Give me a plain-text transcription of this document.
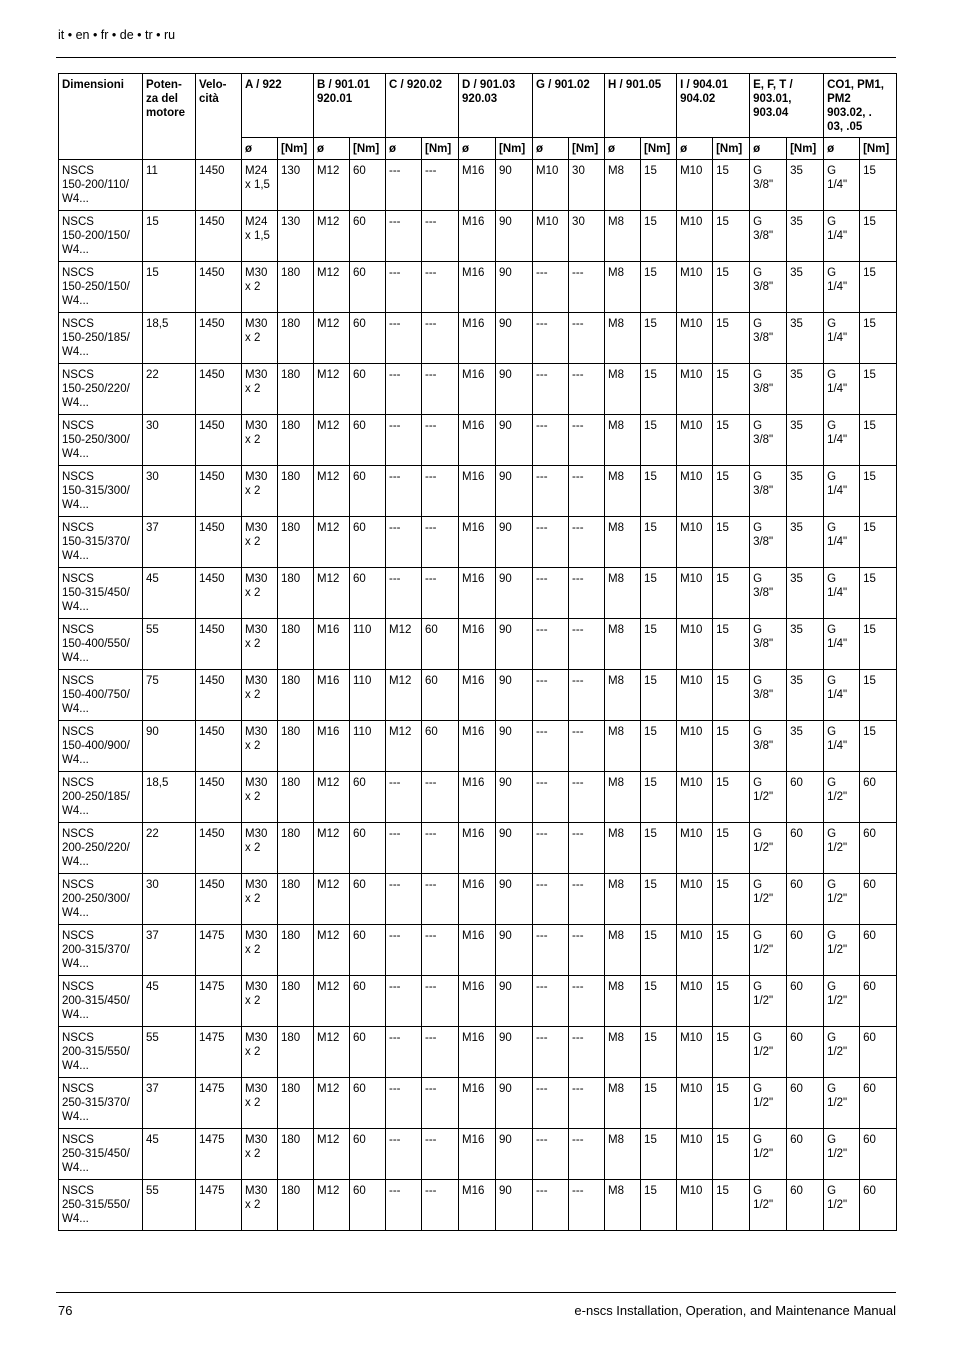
it • en • fr • de • tr • ru
Dimensioni	Poten-
za del
motore	Velo-
cità	A / 922		B / 901.01
920.01		C / 920.02		D / 901.03
920.03		G / 901.02		H / 901.05		I / 904.01
904.02		E, F, T /
903.01,
903.04		CO1, PM1,
PM2
903.02, .
03, .05	

			ø	[Nm]	ø	[Nm]	ø	[Nm]	ø	[Nm]	ø	[Nm]	ø	[Nm]	ø	[Nm]	ø	[Nm]	ø	[Nm]

NSCS
150-200/110/
W4...	11	1450	M24
x 1,5	130	M12	60	---	---	M16	90	M10	30	M8	15	M10	15	G
3/8"	35	G
1/4"	15

NSCS
150-200/150/
W4...	15	1450	M24
x 1,5	130	M12	60	---	---	M16	90	M10	30	M8	15	M10	15	G
3/8"	35	G
1/4"	15

NSCS
150-250/150/
W4...	15	1450	M30
x 2	180	M12	60	---	---	M16	90	---	---	M8	15	M10	15	G
3/8"	35	G
1/4"	15

NSCS
150-250/185/
W4...	18,5	1450	M30
x 2	180	M12	60	---	---	M16	90	---	---	M8	15	M10	15	G
3/8"	35	G
1/4"	15

NSCS
150-250/220/
W4...	22	1450	M30
x 2	180	M12	60	---	---	M16	90	---	---	M8	15	M10	15	G
3/8"	35	G
1/4"	15

NSCS
150-250/300/
W4...	30	1450	M30
x 2	180	M12	60	---	---	M16	90	---	---	M8	15	M10	15	G
3/8"	35	G
1/4"	15

NSCS
150-315/300/
W4...	30	1450	M30
x 2	180	M12	60	---	---	M16	90	---	---	M8	15	M10	15	G
3/8"	35	G
1/4"	15

NSCS
150-315/370/
W4...	37	1450	M30
x 2	180	M12	60	---	---	M16	90	---	---	M8	15	M10	15	G
3/8"	35	G
1/4"	15

NSCS
150-315/450/
W4...	45	1450	M30
x 2	180	M12	60	---	---	M16	90	---	---	M8	15	M10	15	G
3/8"	35	G
1/4"	15

NSCS
150-400/550/
W4...	55	1450	M30
x 2	180	M16	110	M12	60	M16	90	---	---	M8	15	M10	15	G
3/8"	35	G
1/4"	15

NSCS
150-400/750/
W4...	75	1450	M30
x 2	180	M16	110	M12	60	M16	90	---	---	M8	15	M10	15	G
3/8"	35	G
1/4"	15

NSCS
150-400/900/
W4...	90	1450	M30
x 2	180	M16	110	M12	60	M16	90	---	---	M8	15	M10	15	G
3/8"	35	G
1/4"	15

NSCS
200-250/185/
W4...	18,5	1450	M30
x 2	180	M12	60	---	---	M16	90	---	---	M8	15	M10	15	G
1/2"	60	G
1/2"	60

NSCS
200-250/220/
W4...	22	1450	M30
x 2	180	M12	60	---	---	M16	90	---	---	M8	15	M10	15	G
1/2"	60	G
1/2"	60

NSCS
200-250/300/
W4...	30	1450	M30
x 2	180	M12	60	---	---	M16	90	---	---	M8	15	M10	15	G
1/2"	60	G
1/2"	60

NSCS
200-315/370/
W4...	37	1475	M30
x 2	180	M12	60	---	---	M16	90	---	---	M8	15	M10	15	G
1/2"	60	G
1/2"	60

NSCS
200-315/450/
W4...	45	1475	M30
x 2	180	M12	60	---	---	M16	90	---	---	M8	15	M10	15	G
1/2"	60	G
1/2"	60

NSCS
200-315/550/
W4...	55	1475	M30
x 2	180	M12	60	---	---	M16	90	---	---	M8	15	M10	15	G
1/2"	60	G
1/2"	60

NSCS
250-315/370/
W4...	37	1475	M30
x 2	180	M12	60	---	---	M16	90	---	---	M8	15	M10	15	G
1/2"	60	G
1/2"	60

NSCS
250-315/450/
W4...	45	1475	M30
x 2	180	M12	60	---	---	M16	90	---	---	M8	15	M10	15	G
1/2"	60	G
1/2"	60

NSCS
250-315/550/
W4...	55	1475	M30
x 2	180	M12	60	---	---	M16	90	---	---	M8	15	M10	15	G
1/2"	60	G
1/2"	60
76	e-nscs Installation, Operation, and Maintenance Manual
